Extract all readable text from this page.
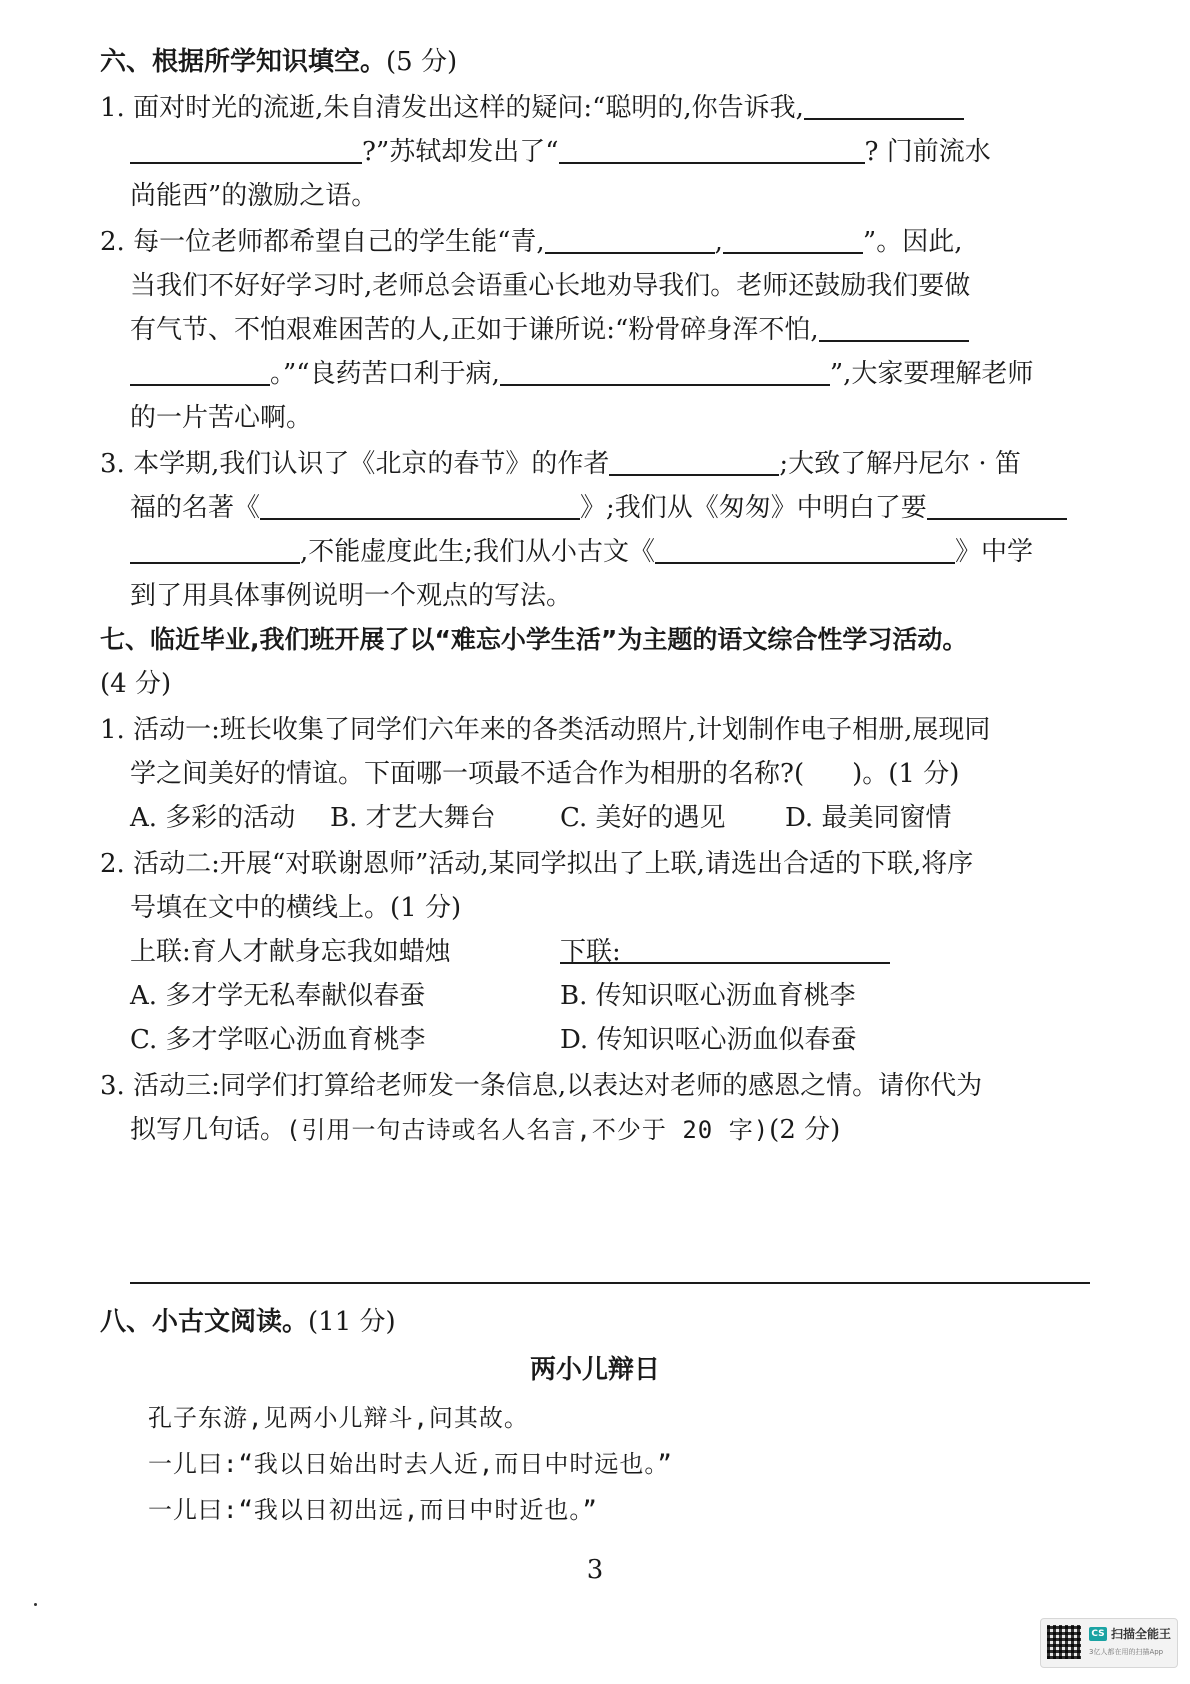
六、根据所学知识填空。(5 分)
1. 面对时光的流逝,朱自清发出这样的疑问:“聪明的,你告诉我,
?”苏轼却发出了“	? 门前流水
尚能西”的激励之语。
2. 每一位老师都希望自己的学生能“青,	,	”。因此,
当我们不好好学习时,老师总会语重心长地劝导我们。老师还鼓励我们要做
有气节、不怕艰难困苦的人,正如于谦所说:“粉骨碎身浑不怕,
。”“良药苦口利于病,	”,大家要理解老师
的一片苦心啊。
3. 本学期,我们认识了《北京的春节》的作者	;大致了解丹尼尔 · 笛
福的名著《	》;我们从《匆匆》中明白了要
,不能虚度此生;我们从小古文《	》中学
到了用具体事例说明一个观点的写法。
七、临近毕业,我们班开展了以“难忘小学生活”为主题的语文综合性学习活动。
(4 分)
1. 活动一:班长收集了同学们六年来的各类活动照片,计划制作电子相册,展现同
学之间美好的情谊。下面哪一项最不适合作为相册的名称?( )。(1 分)
A. 多彩的活动 B. 才艺大舞台 C. 美好的遇见 D. 最美同窗情
2. 活动二:开展“对联谢恩师”活动,某同学拟出了上联,请选出合适的下联,将序
号填在文中的横线上。(1 分)
上联:育人才献身忘我如蜡烛	下联:
A. 多才学无私奉献似春蚕	B. 传知识呕心沥血育桃李
C. 多才学呕心沥血育桃李	D. 传知识呕心沥血似春蚕
3. 活动三:同学们打算给老师发一条信息,以表达对老师的感恩之情。请你代为
拟写几句话。(引用一句古诗或名人名言,不少于 20 字)(2 分)
八、小古文阅读。(11 分)
两小儿辩日
孔子东游,见两小儿辩斗,问其故。
一儿曰:“我以日始出时去人近,而日中时远也。”
一儿曰:“我以日初出远,而日中时近也。”
3
CS 扫描全能王
3亿人都在用的扫描App
